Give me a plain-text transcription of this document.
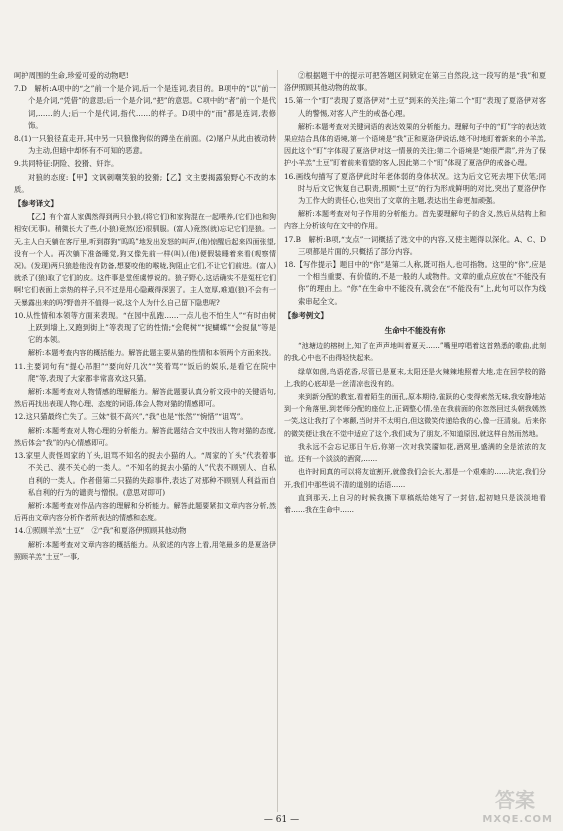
呵护周围的生命,珍爱可爱的动物吧!

7.D　解析:A项中的“之”前一个是介词,后一个是连词,表目的。B项中的“以”前一个是介词,“凭借”的意思;后一个是介词,“把”的意思。C项中的“者”前一个是代词,……的人;后一个是代词,指代……的样子。D项中的“而”都是连词,表修饰。

8.(1)一只狼径直走开,其中另一只狼像狗似的蹲坐在前面。(2)屠户从此由被动转为主动,但暗中却怀有不可知的恶意。

9.共同特征:阴险、狡猾、奸诈。

对狼的态度:【甲】文讽刺嘲笑狼的狡猾;【乙】文主要揭露狼野心不改的本质。

【参考译文】

【乙】有个富人家偶然得到两只小狼,(将它们)和家狗混在一起喂养,(它们)也和狗相安(无事)。稍微长大了些,(小狼)竟然(还)很驯服。(富人)竟然(就)忘记它们是狼。一天,主人白天躺在客厅里,听到群狗“呜呜”地发出发怒的叫声,(他)惊醒后起来四面张望,没有一个人。再次躺下准备睡觉,狗又像先前一样(叫),(他)便假装睡着来看(观察情况)。(发现)两只狼趁他没有防备,想要咬他的喉咙,狗阻止它们,不让它们前进。(富人)就杀了(狼)取了它们的皮。这件事是堂侄虞惇说的。狼子野心,这话确实不是冤枉它们啊!它们表面上亲热的样子,只不过是用心隐藏得深罢了。主人宽厚,难道(狼)不会有一天暴露出来的吗?野兽并不值得一说,这个人为什么自己留下隐患呢?

10.从性情和本领等方面来表现。“在园中乱跑……一点儿也不怕生人”“有时由树上跃到墙上,又跑到街上”等表现了它的性情;“会爬树”“捉蝴蝶”“会捉鼠”等是它的本领。

解析:本题考查内容的概括能力。解答此题主要从猫的性情和本领两个方面来找。

11.主要词句有“提心吊胆”“要向好几次”“笑着骂”“饭后的娱乐,是看它在院中爬”等,表现了大家都非常喜欢这只猫。

解析:本题考查对人物情感的理解能力。解答此题要认真分析文段中的关键语句,然后再找出表现人物心理、态度的词语,体会人物对猫的情感即可。

12.这只猫最终亡失了。三妹“很不高兴”,“我”也是“怅然”“惋惜”“诅骂”。

解析:本题考查对人物心理的分析能力。解答此题结合文中找出人物对猫的态度,然后体会“我”的内心情感即可。

13.家里人责怪周家的丫头,诅骂不知名的捉去小猫的人。“周家的丫头”代表着事不关己、漠不关心的一类人。“不知名的捉去小猫的人”代表不顾别人、自私自利的一类人。作者借第二只猫的失踪事件,表达了对那种不顾别人利益而自私自利的行为的谴责与憎恨。(意思对即可)

解析:本题考查对作品内容的理解和分析能力。解答此题要紧扣文章内容分析,然后再由文章内容分析作者所表达的情感和态度。

14.①照顾羊羔“土豆”　②“我”和夏洛伊照顾其他动物

解析:本题考查对文章内容的概括能力。从叙述的内容上看,用笔最多的是夏洛伊照顾羊羔“土豆”一事,

②根据题干中的提示可把答题区间锁定在第三自然段,这一段写的是“我”和夏洛伊照顾其他动物的故事。

15.第一个“盯”表现了夏洛伊对“土豆”到来的关注;第二个“盯”表现了夏洛伊对客人的警惕,对客人产生的戒备心理。

解析:本题考查对关键词语的表达效果的分析能力。理解句子中的“盯”字的表达效果应结合具体的语境,第一个语境是“我”正和夏洛伊说话,她不时地盯着新来的小羊羔,因此这个“盯”字体现了夏洛伊对这一情景的关注;第二个语境是“她很严肃”,并为了保护小羊羔“土豆”盯着前来看望的客人,因此第二个“盯”体现了夏洛伊的戒备心理。

16.画线句描写了夏洛伊此时年老体弱的身体状况。这为后文它死去埋下伏笔;同时与后文它恢复自己职责,照顾“土豆”的行为形成鲜明的对比,突出了夏洛伊作为工作大的责任心,也突出了文章的主题,表达出生命更加顽强。

解析:本题考查对句子作用的分析能力。首先要理解句子的含义,然后从结构上和内容上分析该句在文中的作用。

17.B　解析:B项,“支点”一词概括了选文中的内容,又使主题得以深化。A、C、D三项都是片面的,只概括了部分内容。

18.【写作提示】题目中的“你”是第二人称,既可指人,也可指物。这里的“你”,应是一个相当重要、有价值的,不是一般的人或物件。文章的重点应放在“不能没有你”的理由上。“你”在生命中不能没有,就会在“不能没有”上,此句可以作为线索串起全文。

【参考例文】
生命中不能没有你

“池塘边的榕树上,知了在声声地叫着夏天……”嘴里哼唱着这首熟悉的歌曲,此刻的我,心中也不由得轻快起来。

绿草如茵,鸟语花香,尽管已是夏末,太阳还是火辣辣地照着大地,走在回学校的路上,我的心底却是一丝清凉也没有的。

来到新分配的教室,看着陌生的面孔,原本期待,雀跃的心变得索然无味,我安静地站到一个角落里,到老师分配的座位上,正调整心情,坐在我前面的你忽然回过头朝我嫣然一笑,这让我打了个寒颤,当时并不太明白,但这微笑传递给我的心,像一汪清泉。后来你的微笑便让我在不觉中适应了这个,我们成为了朋友,不知道原因,就这样自然而然地。

我永远不会忘记那日午后,你第一次对我笑靥如花,酒窝里,盛满的全是浓浓的友谊。还有一个淡淡的酒窝,……

也许时间真的可以将友谊割开,就像我们会长大,那是一个艰难的……决定,我们分开,我们中那些说不清的道别的话语……

直到那天,上自习的时候我撕下草稿纸给她写了一封信,起初她只是淡淡地看着……我在生命中……

— 61 —
答案
MXQE.COM
